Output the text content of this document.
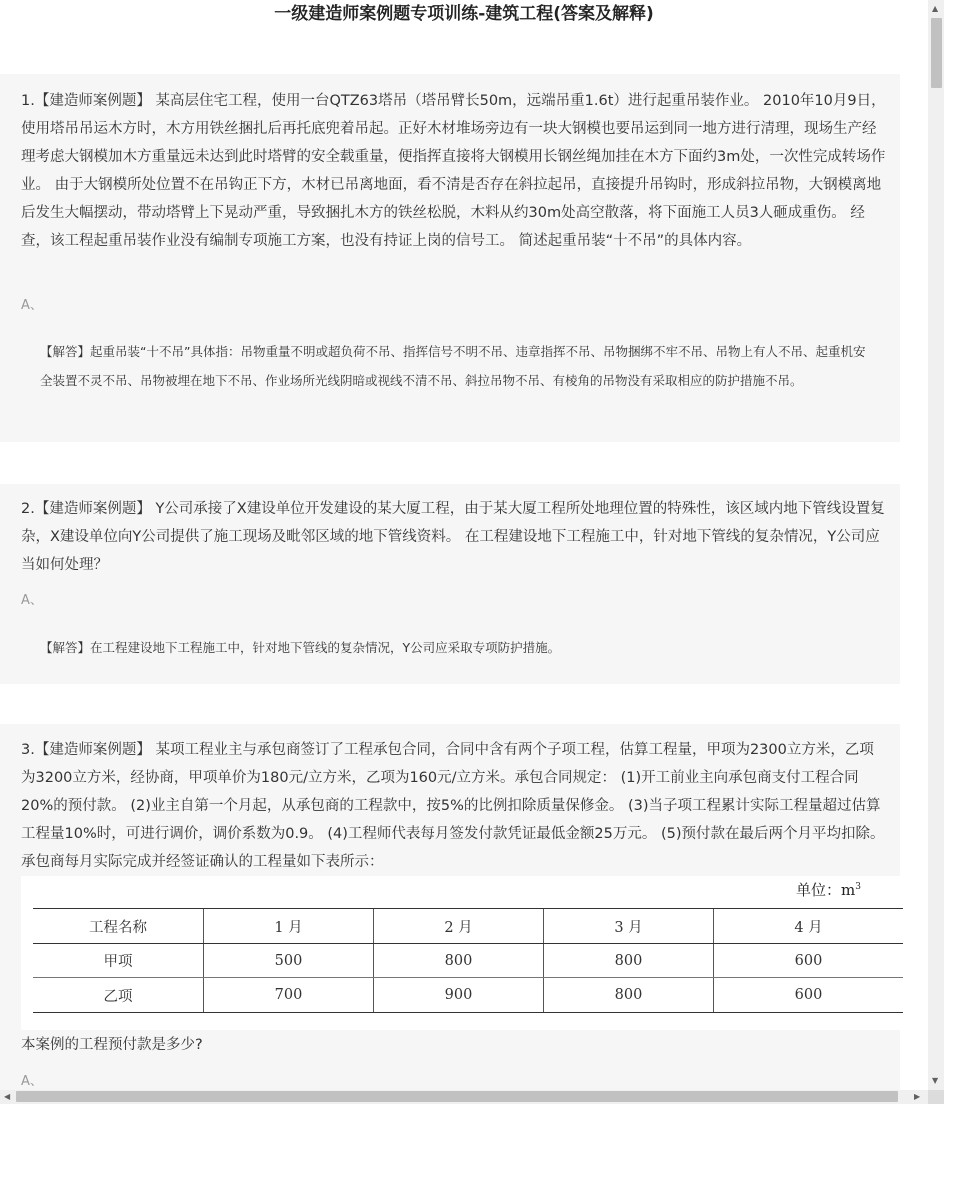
一级建造师案例题专项训练-建筑工程(答案及解释)
1.【建造师案例题】 某高层住宅工程，使用一台QTZ63塔吊（塔吊臂长50m，远端吊重1.6t）进行起重吊装作业。 2010年10月9日，使用塔吊吊运木方时，木方用铁丝捆扎后再托底兜着吊起。正好木材堆场旁边有一块大钢模也要吊运到同一地方进行清理，现场生产经理考虑大钢模加木方重量远未达到此时塔臂的安全载重量，便指挥直接将大钢模用长钢丝绳加挂在木方下面约3m处，一次性完成转场作业。 由于大钢模所处位置不在吊钩正下方，木材已吊离地面，看不清是否存在斜拉起吊，直接提升吊钩时，形成斜拉吊物，大钢模离地后发生大幅摆动，带动塔臂上下晃动严重，导致捆扎木方的铁丝松脱，木料从约30m处高空散落，将下面施工人员3人砸成重伤。 经查，该工程起重吊装作业没有编制专项施工方案，也没有持证上岗的信号工。 简述起重吊装“十不吊”的具体内容。
A、
【解答】起重吊装“十不吊”具体指：吊物重量不明或超负荷不吊、指挥信号不明不吊、违章指挥不吊、吊物捆绑不牢不吊、吊物上有人不吊、起重机安全装置不灵不吊、吊物被埋在地下不吊、作业场所光线阴暗或视线不清不吊、斜拉吊物不吊、有棱角的吊物没有采取相应的防护措施不吊。
2.【建造师案例题】 Y公司承接了X建设单位开发建设的某大厦工程，由于某大厦工程所处地理位置的特殊性，该区域内地下管线设置复杂，X建设单位向Y公司提供了施工现场及毗邻区域的地下管线资料。 在工程建设地下工程施工中，针对地下管线的复杂情况，Y公司应当如何处理？
A、
【解答】在工程建设地下工程施工中，针对地下管线的复杂情况，Y公司应采取专项防护措施。
3.【建造师案例题】 某项工程业主与承包商签订了工程承包合同，合同中含有两个子项工程，估算工程量，甲项为2300立方米，乙项为3200立方米，经协商，甲项单价为180元/立方米，乙项为160元/立方米。承包合同规定： (1)开工前业主向承包商支付工程合同20%的预付款。 (2)业主自第一个月起，从承包商的工程款中，按5%的比例扣除质量保修金。 (3)当子项工程累计实际工程量超过估算工程量10%时，可进行调价，调价系数为0.9。 (4)工程师代表每月签发付款凭证最低金额25万元。 (5)预付款在最后两个月平均扣除。 承包商每月实际完成并经签证确认的工程量如下表所示：
单位：$m^3$
工程名称	1 月	2 月	3 月	4 月
甲项	500	800	800	600
乙项	700	900	800	600
本案例的工程预付款是多少?
A、
▲
▼
◀	▶
